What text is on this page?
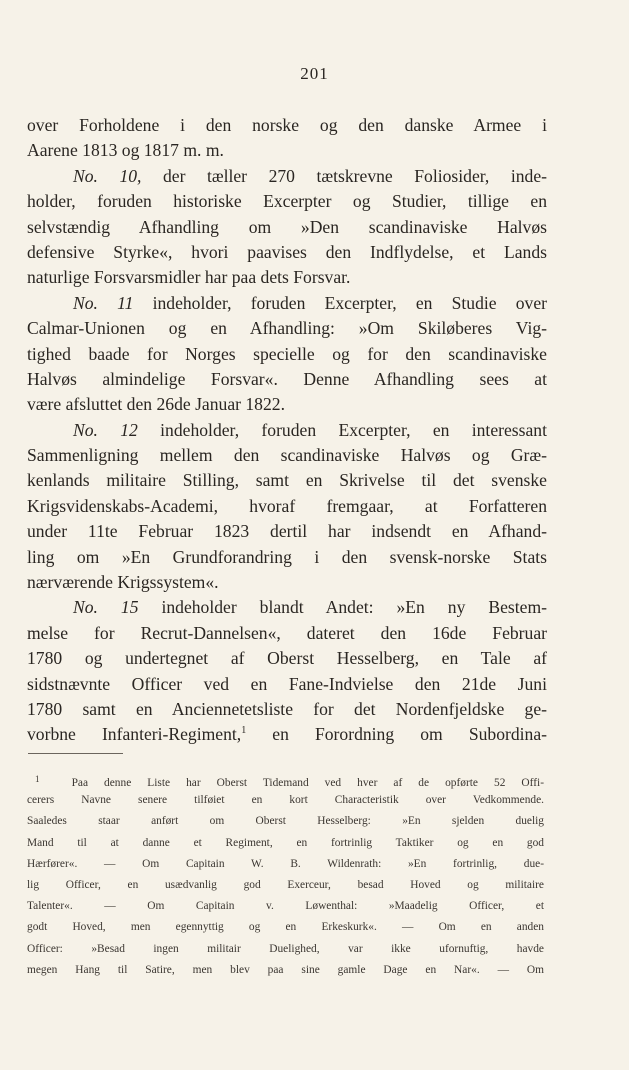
201
over Forholdene i den norske og den danske Armee i
Aarene 1813 og 1817 m. m.
No. 10, der tæller 270 tætskrevne Foliosider, inde-
holder, foruden historiske Excerpter og Studier, tillige en
selvstændig Afhandling om »Den scandinaviske Halvøs
defensive Styrke«, hvori paavises den Indflydelse, et Lands
naturlige Forsvarsmidler har paa dets Forsvar.
No. 11 indeholder, foruden Excerpter, en Studie over
Calmar-Unionen og en Afhandling: »Om Skiløberes Vig-
tighed baade for Norges specielle og for den scandinaviske
Halvøs almindelige Forsvar«. Denne Afhandling sees at
være afsluttet den 26de Januar 1822.
No. 12 indeholder, foruden Excerpter, en interessant
Sammenligning mellem den scandinaviske Halvøs og Græ-
kenlands militaire Stilling, samt en Skrivelse til det svenske
Krigsvidenskabs-Academi, hvoraf fremgaar, at Forfatteren
under 11te Februar 1823 dertil har indsendt en Afhand-
ling om »En Grundforandring i den svensk-norske Stats
nærværende Krigssystem«.
No. 15 indeholder blandt Andet: »En ny Bestem-
melse for Recrut-Dannelsen«, dateret den 16de Februar
1780 og undertegnet af Oberst Hesselberg, en Tale af
sidstnævnte Officer ved en Fane-Indvielse den 21de Juni
1780 samt en Anciennetetsliste for det Nordenfjeldske ge-
vorbne Infanteri-Regiment,$^1$ en Forordning om Subordina-
$^1$	Paa denne Liste har Oberst Tidemand ved hver af de opførte 52 Offi-
cerers Navne senere tilføiet en kort Characteristik over Vedkommende.
Saaledes staar anført om Oberst Hesselberg: »En sjelden duelig
Mand til at danne et Regiment, en fortrinlig Taktiker og en god
Hærfører«. — Om Capitain W. B. Wildenrath: »En fortrinlig, due-
lig Officer, en usædvanlig god Exerceur, besad Hoved og militaire
Talenter«. — Om Capitain v. Løwenthal: »Maadelig Officer, et
godt Hoved, men egennyttig og en Erkeskurk«. — Om en anden
Officer: »Besad ingen militair Duelighed, var ikke ufornuftig, havde
megen Hang til Satire, men blev paa sine gamle Dage en Nar«. — Om
